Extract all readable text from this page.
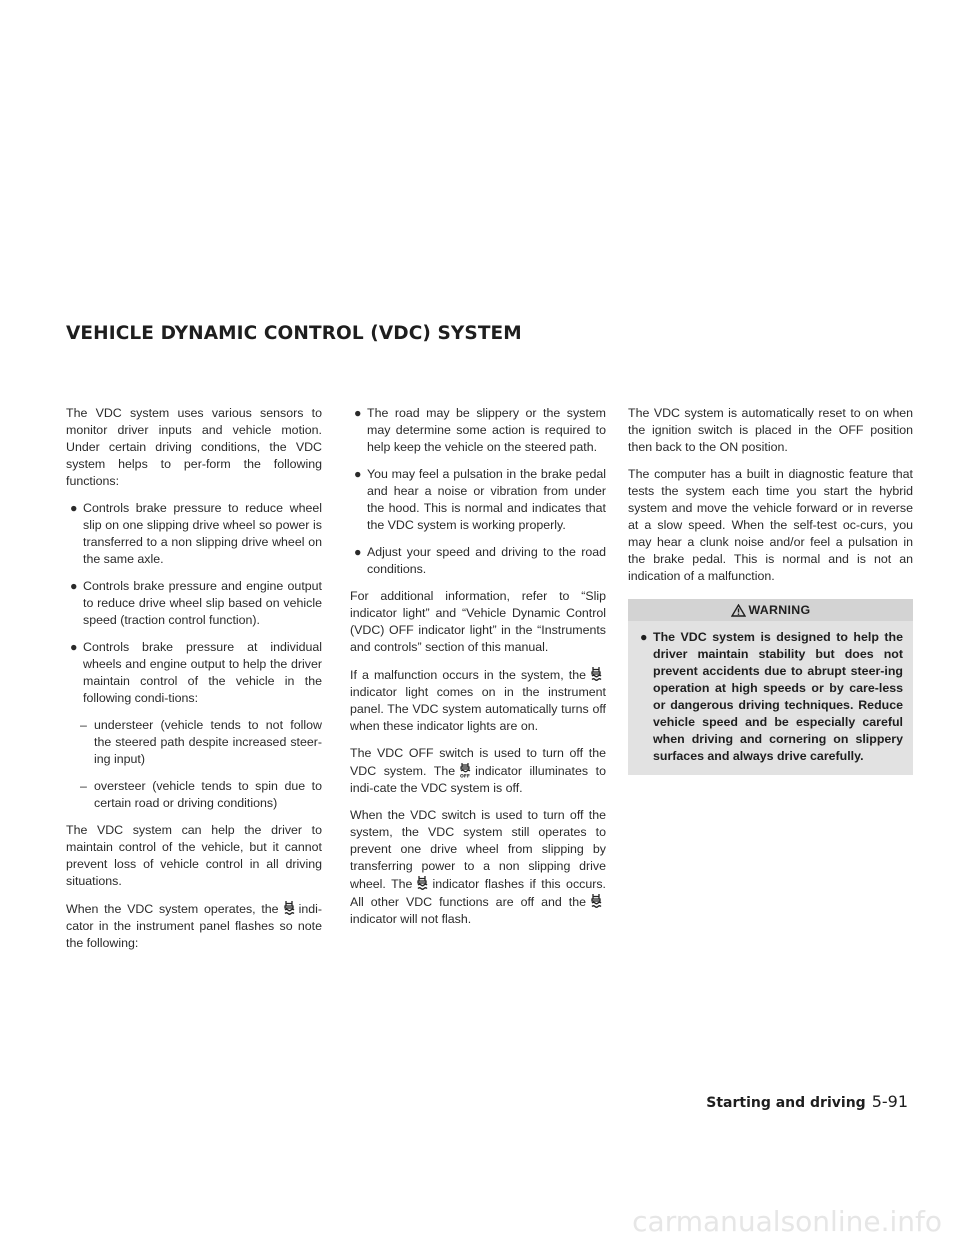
VEHICLE DYNAMIC CONTROL (VDC) SYSTEM

The VDC system uses various sensors to monitor driver inputs and vehicle motion. Under certain driving conditions, the VDC system helps to per-form the following functions:

● Controls brake pressure to reduce wheel slip on one slipping drive wheel so power is transferred to a non slipping drive wheel on the same axle.
● Controls brake pressure and engine output to reduce drive wheel slip based on vehicle speed (traction control function).
● Controls brake pressure at individual wheels and engine output to help the driver maintain control of the vehicle in the following condi-tions:
– understeer (vehicle tends to not follow the steered path despite increased steer-ing input)
– oversteer (vehicle tends to spin due to certain road or driving conditions)

The VDC system can help the driver to maintain control of the vehicle, but it cannot prevent loss of vehicle control in all driving situations.

When the VDC system operates, the indi-cator in the instrument panel flashes so note the following:

● The road may be slippery or the system may determine some action is required to help keep the vehicle on the steered path.
● You may feel a pulsation in the brake pedal and hear a noise or vibration from under the hood. This is normal and indicates that the VDC system is working properly.
● Adjust your speed and driving to the road conditions.

For additional information, refer to “Slip indicator light” and “Vehicle Dynamic Control (VDC) OFF indicator light” in the “Instruments and controls” section of this manual.

If a malfunction occurs in the system, theindicator light comes on in the instrument panel. The VDC system automatically turns off when these indicator lights are on.

The VDC OFF switch is used to turn off the VDC system. The OFF indicator illuminates to indi-cate the VDC system is off.

When the VDC switch is used to turn off the system, the VDC system still operates to prevent one drive wheel from slipping by transferring power to a non slipping drive wheel. The indicator flashes if this occurs. All other VDC functions are off and theindicator will not flash.

The VDC system is automatically reset to on when the ignition switch is placed in the OFF position then back to the ON position.

The computer has a built in diagnostic feature that tests the system each time you start the hybrid system and move the vehicle forward or in reverse at a slow speed. When the self-test oc-curs, you may hear a clunk noise and/or feel a pulsation in the brake pedal. This is normal and is not an indication of a malfunction.

WARNING
● The VDC system is designed to help the driver maintain stability but does not prevent accidents due to abrupt steer-ing operation at high speeds or by care-less or dangerous driving techniques. Reduce vehicle speed and be especially careful when driving and cornering on slippery surfaces and always drive carefully.
Starting and driving 5-91
carmanualsonline.info
